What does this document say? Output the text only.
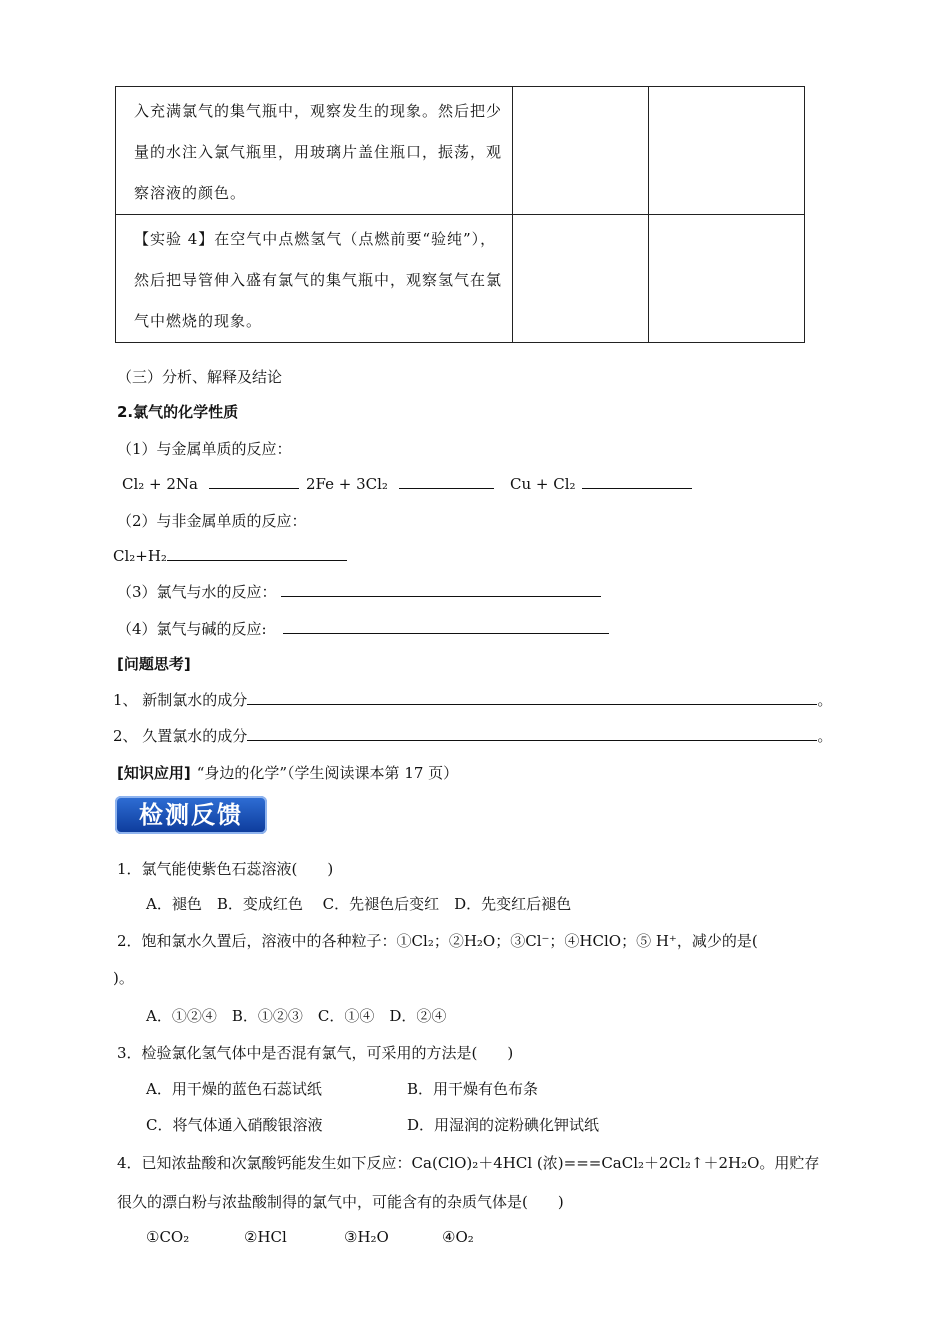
入充满氯气的集气瓶中，观察发生的现象。然后把少量的水注入氯气瓶里，用玻璃片盖住瓶口，振荡，观察溶液的颜色。		

【实验 4】在空气中点燃氢气（点燃前要“验纯”），然后把导管伸入盛有氯气的集气瓶中，观察氢气在氯气中燃烧的现象。		

（三）分析、解释及结论
2.氯气的化学性质
（1）与金属单质的反应：
Cl₂ + 2Na	2Fe + 3Cl₂	Cu + Cl₂
（2）与非金属单质的反应：
Cl₂+H₂
（3）氯气与水的反应：
（4）氯气与碱的反应:
[问题思考]
1、 新制氯水的成分	。
2、 久置氯水的成分	。
[知识应用] “身边的化学”（学生阅读课本第 17 页）
检测反馈
1．氯气能使紫色石蕊溶液(　　)
A．褪色　B．变成红色　 C．先褪色后变红　D．先变红后褪色
2．饱和氯水久置后，溶液中的各种粒子：①Cl₂；②H₂O；③Cl⁻；④HClO；⑤ H⁺，减少的是(
)。
A．①②④　B．①②③　C．①④　D．②④
3．检验氯化氢气体中是否混有氯气，可采用的方法是(　　)
A．用干燥的蓝色石蕊试纸	B．用干燥有色布条
C．将气体通入硝酸银溶液	D．用湿润的淀粉碘化钾试纸
4．已知浓盐酸和次氯酸钙能发生如下反应：Ca(ClO)₂＋4HCl (浓)===CaCl₂＋2Cl₂↑＋2H₂O。用贮存
很久的漂白粉与浓盐酸制得的氯气中，可能含有的杂质气体是(　　)
①CO₂	②HCl	③H₂O	④O₂
